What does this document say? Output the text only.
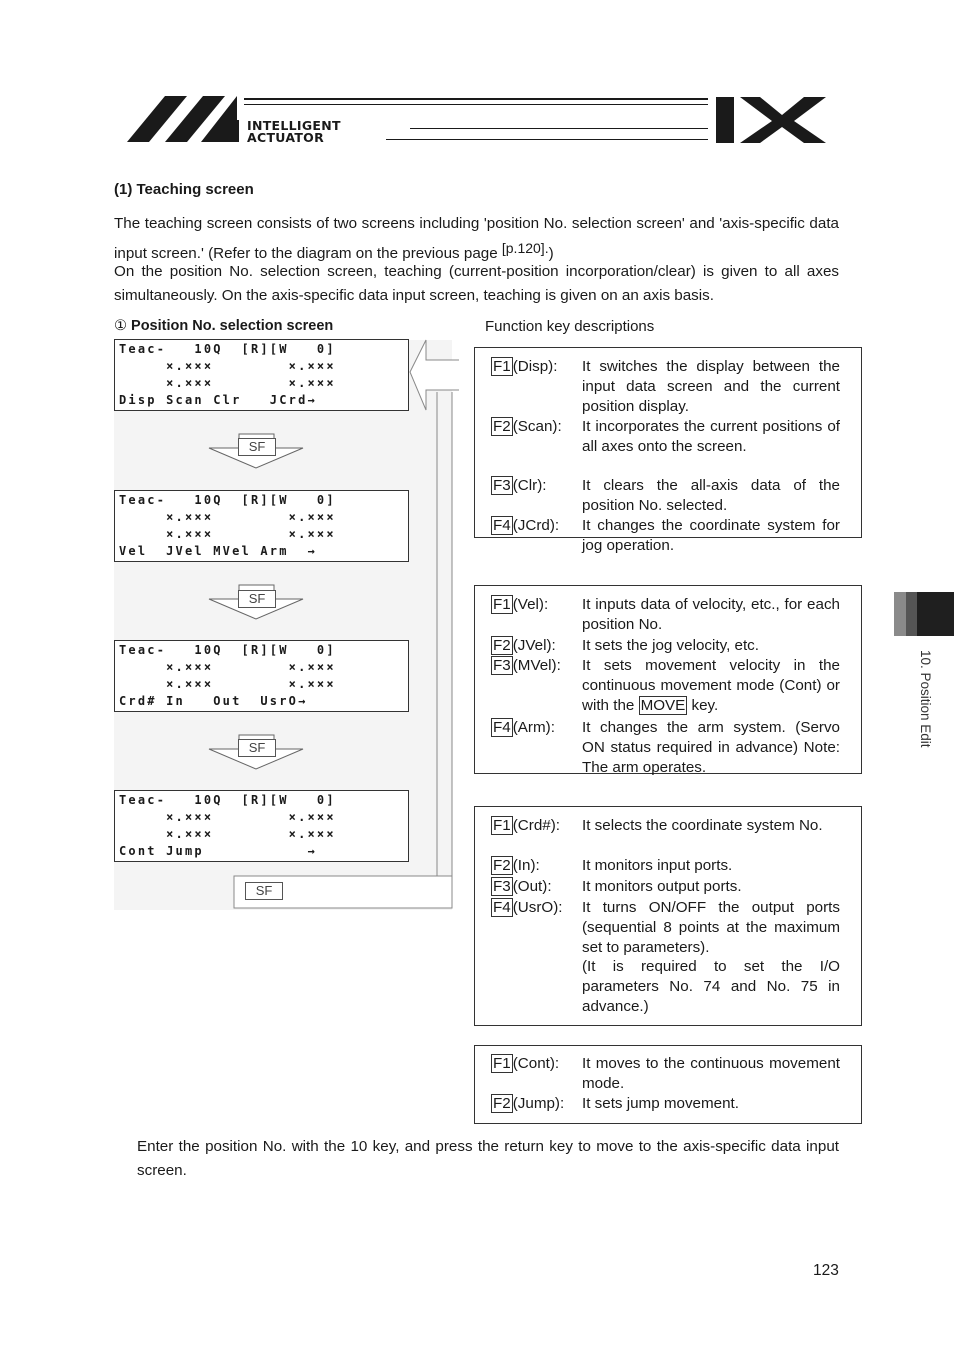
INTELLIGENT
ACTUATOR
10. Position Edit
(1) Teaching screen
The teaching screen consists of two screens including 'position No. selection screen' and 'axis-specific data input screen.' (Refer to the diagram on the previous page $^{[p.120].}$)
On the position No. selection screen, teaching (current-position incorporation/clear) is given to all axes simultaneously. On the axis-specific data input screen, teaching is given on an axis basis.
① Position No. selection screen	Function key descriptions
SF
SF
SF
SF
Teac-   10Q  [R][W   0]
×.×××        ×.×××
×.×××        ×.×××
Disp Scan Clr   JCrd→
Teac-   10Q  [R][W   0]
×.×××        ×.×××
×.×××        ×.×××
Vel  JVel MVel Arm  →
Teac-   10Q  [R][W   0]
×.×××        ×.×××
×.×××        ×.×××
Crd# In   Out  UsrO→
Teac-   10Q  [R][W   0]
×.×××        ×.×××
×.×××        ×.×××
Cont Jump           →
F1 (Disp): It switches the display between the input data screen and the current position display.
F2 (Scan): It incorporates the current positions of all axes onto the screen.
F3 (Clr): It clears the all-axis data of the position No. selected.
F4 (JCrd): It changes the coordinate system for jog operation.
F1 (Vel): It inputs data of velocity, etc., for each position No.
F2 (JVel): It sets the jog velocity, etc.
F3 (MVel): It sets movement velocity in the continuous movement mode (Cont) or with the MOVE key.
F4 (Arm): It changes the arm system. (Servo ON status required in advance) Note: The arm operates.
F1 (Crd#): It selects the coordinate system No.
F2 (In):	It monitors input ports.
F3 (Out): It monitors output ports.
F4 (UsrO): It turns ON/OFF the output ports (sequential 8 points at the maximum set to parameters).
(It is required to set the I/O parameters No. 74 and No. 75 in advance.)
F1 (Cont): It moves to the continuous movement mode.
F2 (Jump): It sets jump movement.
Enter the position No. with the 10 key, and press the return key to move to the axis-specific data input screen.
123
